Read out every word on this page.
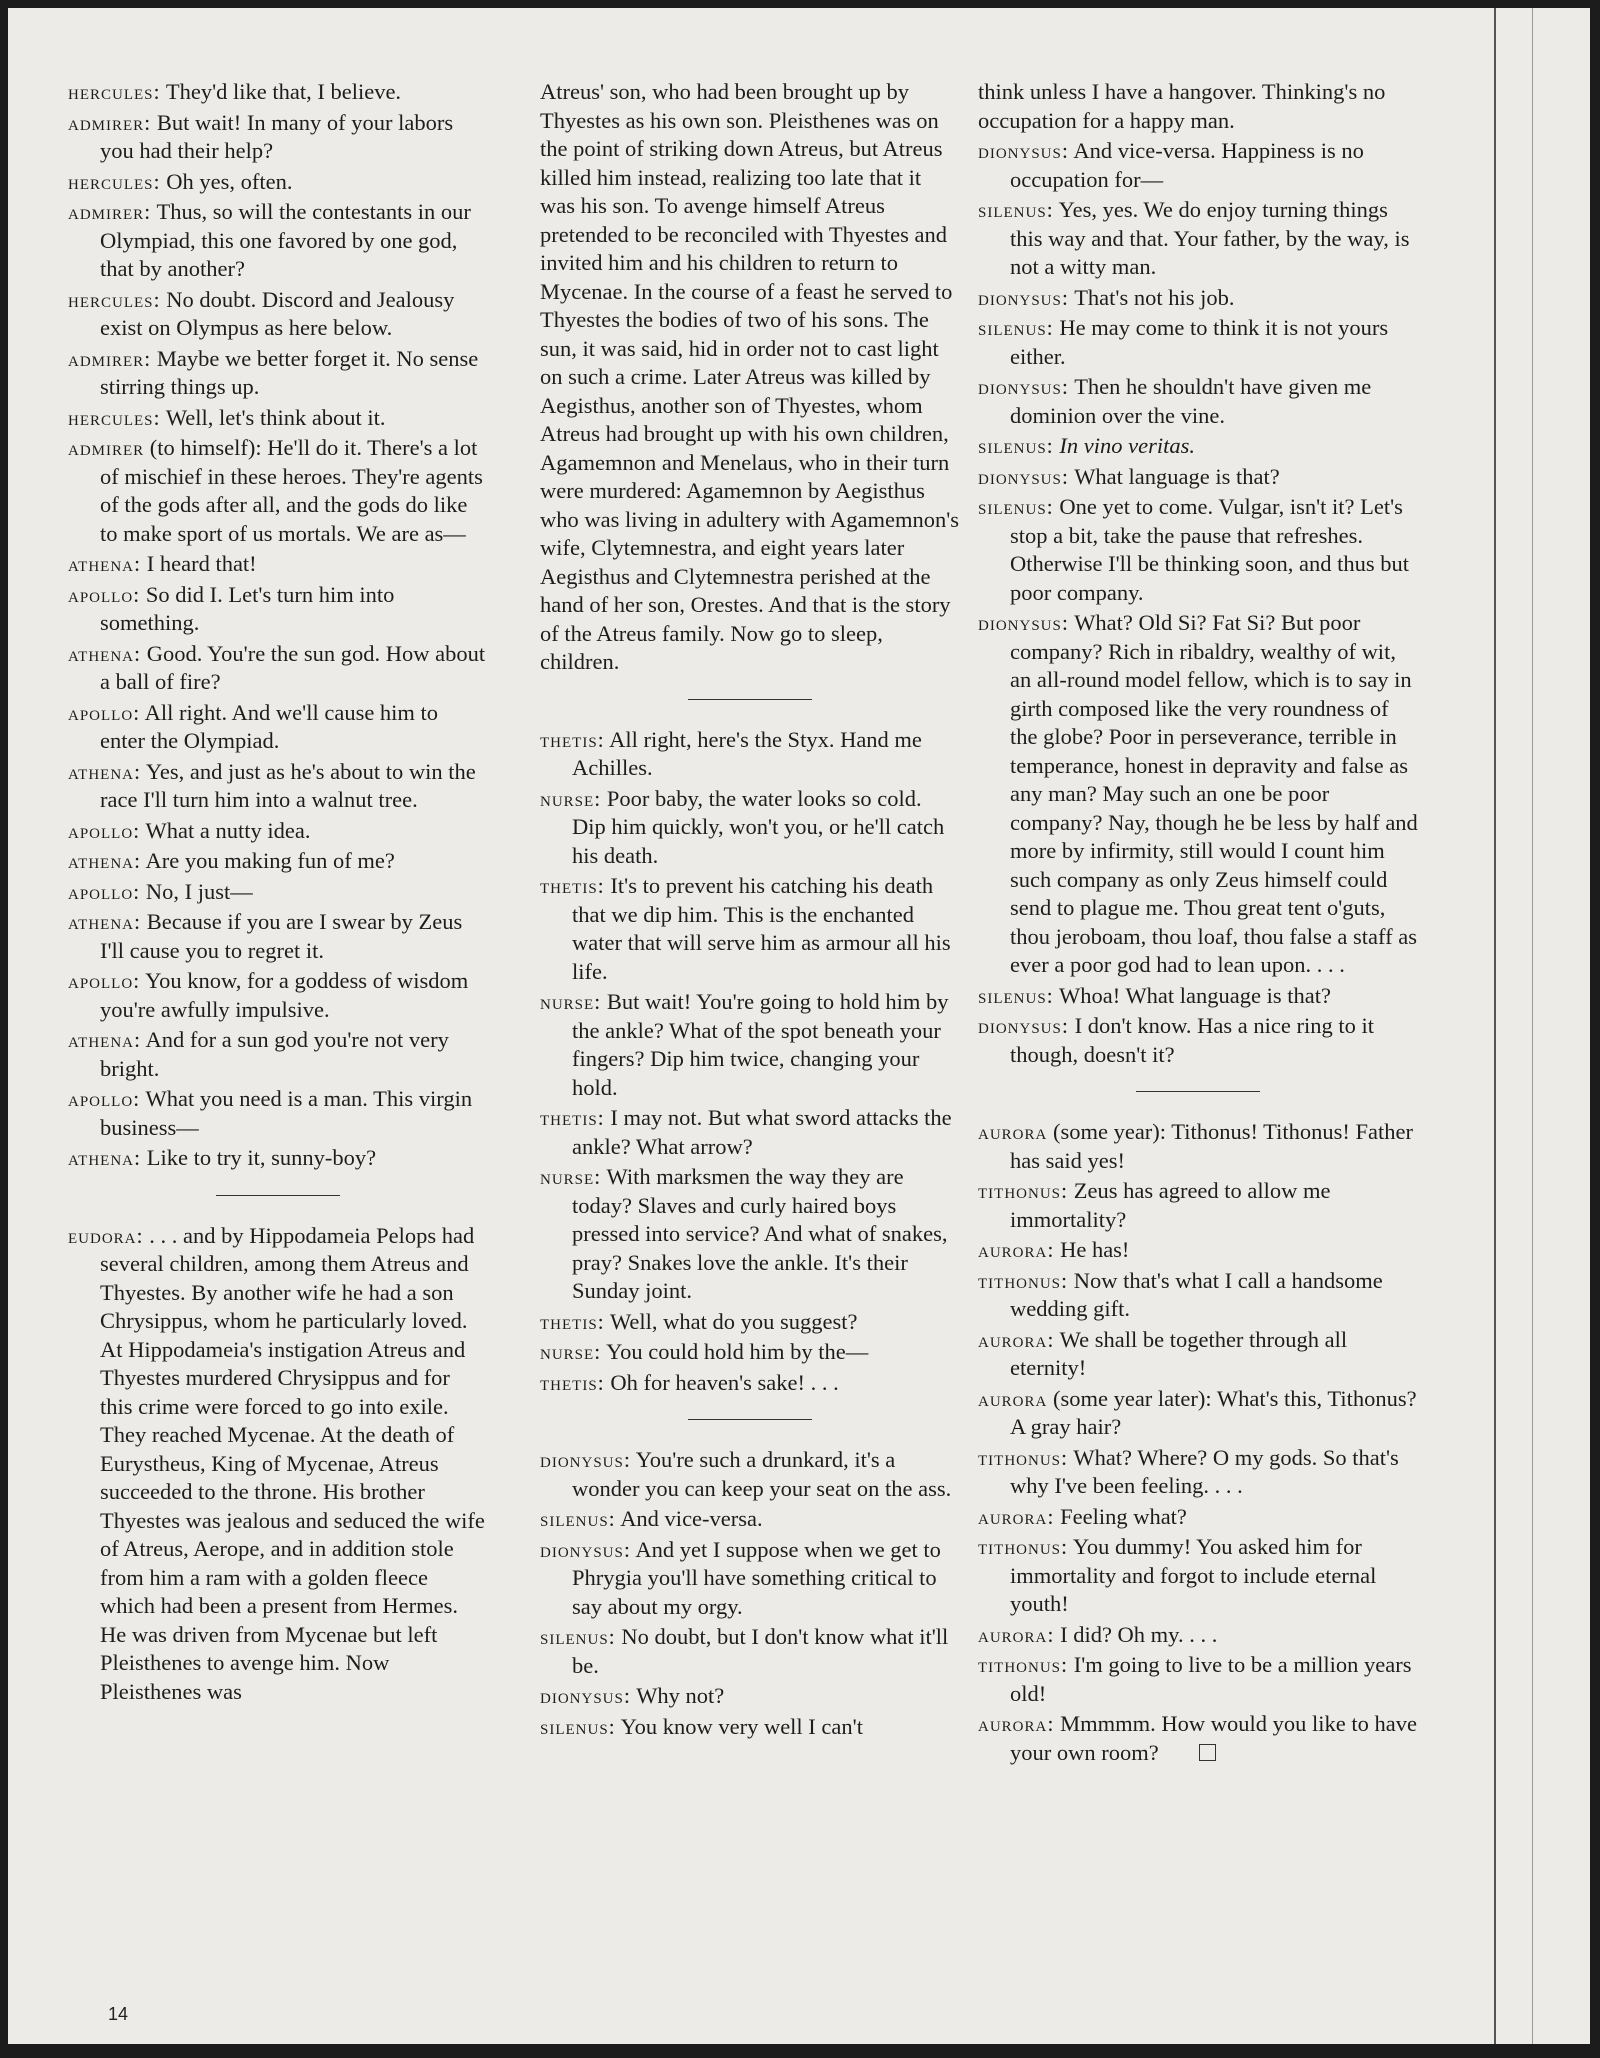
hercules: They'd like that, I believe.

admirer: But wait! In many of your labors you had their help?

hercules: Oh yes, often.

admirer: Thus, so will the contestants in our Olympiad, this one favored by one god, that by another?

hercules: No doubt. Discord and Jealousy exist on Olympus as here below.

admirer: Maybe we better forget it. No sense stirring things up.

hercules: Well, let's think about it.

admirer (to himself): He'll do it. There's a lot of mischief in these heroes. They're agents of the gods after all, and the gods do like to make sport of us mortals. We are as—

athena: I heard that!

apollo: So did I. Let's turn him into something.

athena: Good. You're the sun god. How about a ball of fire?

apollo: All right. And we'll cause him to enter the Olympiad.

athena: Yes, and just as he's about to win the race I'll turn him into a walnut tree.

apollo: What a nutty idea.

athena: Are you making fun of me?

apollo: No, I just—

athena: Because if you are I swear by Zeus I'll cause you to regret it.

apollo: You know, for a goddess of wisdom you're awfully impulsive.

athena: And for a sun god you're not very bright.

apollo: What you need is a man. This virgin business—

athena: Like to try it, sunny-boy?

eudora: . . . and by Hippodameia Pelops had several children, among them Atreus and Thyestes. By another wife he had a son Chrysippus, whom he particularly loved. At Hippodameia's instigation Atreus and Thyestes murdered Chrysippus and for this crime were forced to go into exile. They reached Mycenae. At the death of Eurystheus, King of Mycenae, Atreus succeeded to the throne. His brother Thyestes was jealous and seduced the wife of Atreus, Aerope, and in addition stole from him a ram with a golden fleece which had been a present from Hermes. He was driven from Mycenae but left Pleisthenes to avenge him. Now Pleisthenes was

Atreus' son, who had been brought up by Thyestes as his own son. Pleisthenes was on the point of striking down Atreus, but Atreus killed him instead, realizing too late that it was his son. To avenge himself Atreus pretended to be reconciled with Thyestes and invited him and his children to return to Mycenae. In the course of a feast he served to Thyestes the bodies of two of his sons. The sun, it was said, hid in order not to cast light on such a crime. Later Atreus was killed by Aegisthus, another son of Thyestes, whom Atreus had brought up with his own children, Agamemnon and Menelaus, who in their turn were murdered: Agamemnon by Aegisthus who was living in adultery with Agamemnon's wife, Clytemnestra, and eight years later Aegisthus and Clytemnestra perished at the hand of her son, Orestes. And that is the story of the Atreus family. Now go to sleep, children.

thetis: All right, here's the Styx. Hand me Achilles.

nurse: Poor baby, the water looks so cold. Dip him quickly, won't you, or he'll catch his death.

thetis: It's to prevent his catching his death that we dip him. This is the enchanted water that will serve him as armour all his life.

nurse: But wait! You're going to hold him by the ankle? What of the spot beneath your fingers? Dip him twice, changing your hold.

thetis: I may not. But what sword attacks the ankle? What arrow?

nurse: With marksmen the way they are today? Slaves and curly haired boys pressed into service? And what of snakes, pray? Snakes love the ankle. It's their Sunday joint.

thetis: Well, what do you suggest?

nurse: You could hold him by the—

thetis: Oh for heaven's sake! . . .

dionysus: You're such a drunkard, it's a wonder you can keep your seat on the ass.

silenus: And vice-versa.

dionysus: And yet I suppose when we get to Phrygia you'll have something critical to say about my orgy.

silenus: No doubt, but I don't know what it'll be.

dionysus: Why not?

silenus: You know very well I can't

think unless I have a hangover. Thinking's no occupation for a happy man.

dionysus: And vice-versa. Happiness is no occupation for—

silenus: Yes, yes. We do enjoy turning things this way and that. Your father, by the way, is not a witty man.

dionysus: That's not his job.

silenus: He may come to think it is not yours either.

dionysus: Then he shouldn't have given me dominion over the vine.

silenus: In vino veritas.

dionysus: What language is that?

silenus: One yet to come. Vulgar, isn't it? Let's stop a bit, take the pause that refreshes. Otherwise I'll be thinking soon, and thus but poor company.

dionysus: What? Old Si? Fat Si? But poor company? Rich in ribaldry, wealthy of wit, an all-round model fellow, which is to say in girth composed like the very roundness of the globe? Poor in perseverance, terrible in temperance, honest in depravity and false as any man? May such an one be poor company? Nay, though he be less by half and more by infirmity, still would I count him such company as only Zeus himself could send to plague me. Thou great tent o'guts, thou jeroboam, thou loaf, thou false a staff as ever a poor god had to lean upon. . . .

silenus: Whoa! What language is that?

dionysus: I don't know. Has a nice ring to it though, doesn't it?

aurora (some year): Tithonus! Tithonus! Father has said yes!

tithonus: Zeus has agreed to allow me immortality?

aurora: He has!

tithonus: Now that's what I call a handsome wedding gift.

aurora: We shall be together through all eternity!

aurora (some year later): What's this, Tithonus? A gray hair?

tithonus: What? Where? O my gods. So that's why I've been feeling. . . .

aurora: Feeling what?

tithonus: You dummy! You asked him for immortality and forgot to include eternal youth!

aurora: I did? Oh my. . . .

tithonus: I'm going to live to be a million years old!

aurora: Mmmmm. How would you like to have your own room?

14
